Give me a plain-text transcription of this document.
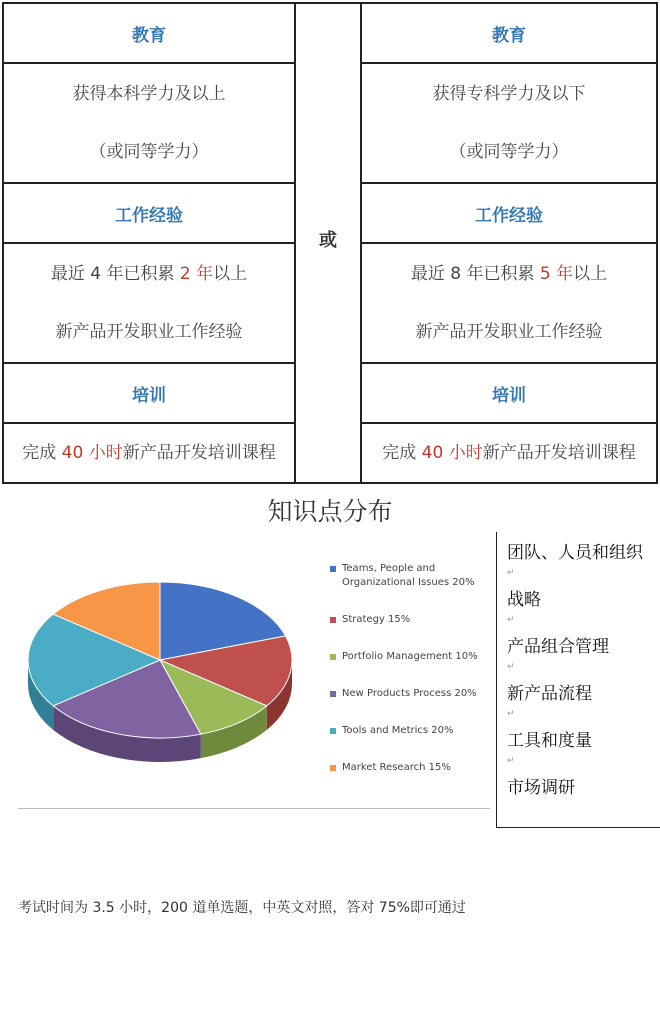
教育
获得本科学力及以上
（或同等学力）
工作经验
最近 4 年已积累 2 年以上
新产品开发职业工作经验
培训
完成 40 小时新产品开发培训课程
或
教育
获得专科学力及以下
（或同等学力）
工作经验
最近 8 年已积累 5 年以上
新产品开发职业工作经验
培训
完成 40 小时新产品开发培训课程
知识点分布
Teams, People and Organizational Issues 20%
Strategy 15%
Portfolio Management 10%
New Products Process 20%
Tools and Metrics 20%
Market Research 15%
团队、人员和组织
↵
战略
↵
产品组合管理
↵
新产品流程
↵
工具和度量
↵
市场调研
考试时间为 3.5 小时，200 道单选题，中英文对照，答对 75%即可通过
